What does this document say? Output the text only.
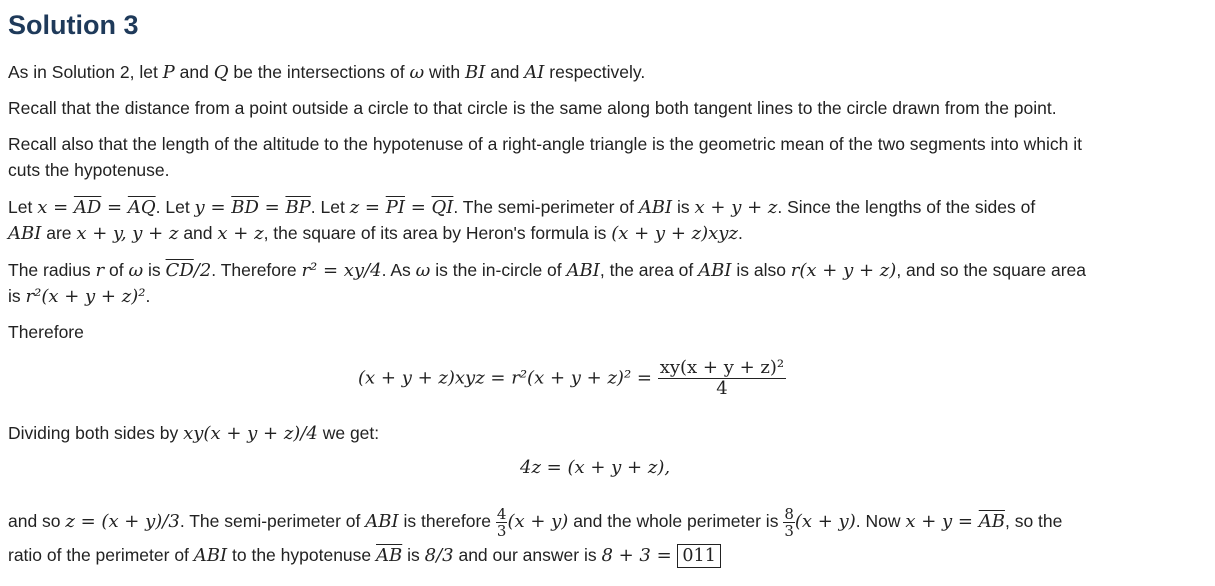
Solution 3
As in Solution 2, let P and Q be the intersections of ω with BI and AI respectively.
Recall that the distance from a point outside a circle to that circle is the same along both tangent lines to the circle drawn from the point.
Recall also that the length of the altitude to the hypotenuse of a right-angle triangle is the geometric mean of the two segments into which it
cuts the hypotenuse.
Let $x = \overline{AD} = \overline{AQ}$. Let $y = \overline{BD} = \overline{BP}$. Let $z = \overline{PI} = \overline{QI}$. The semi-perimeter of ABI is x + y + z. Since the lengths of the sides of
ABI are x + y, y + z and x + z, the square of its area by Heron's formula is (x + y + z)xyz.
The radius r of ω is $\overline{CD}/2$. Therefore r² = xy/4. As ω is the in-circle of ABI, the area of ABI is also r(x + y + z), and so the square area
is r²(x + y + z)².
Therefore
$(x + y + z)xyz = r^2(x + y + z)^2 = \frac{\text{xy(x + y + z)²}}{4}$
Dividing both sides by xy(x + y + z)/4 we get:
4z = (x + y + z),
and so z = (x + y)/3. The semi-perimeter of ABI is therefore $\frac{4}{3} (x + y)$ and the whole perimeter is $\frac{8}{3} (x + y)$. Now $x + y = \overline{AB}$, so the
ratio of the perimeter of ABI to the hypotenuse $\overline{AB}$ is 8/3 and our answer is 8 + 3 = 011
